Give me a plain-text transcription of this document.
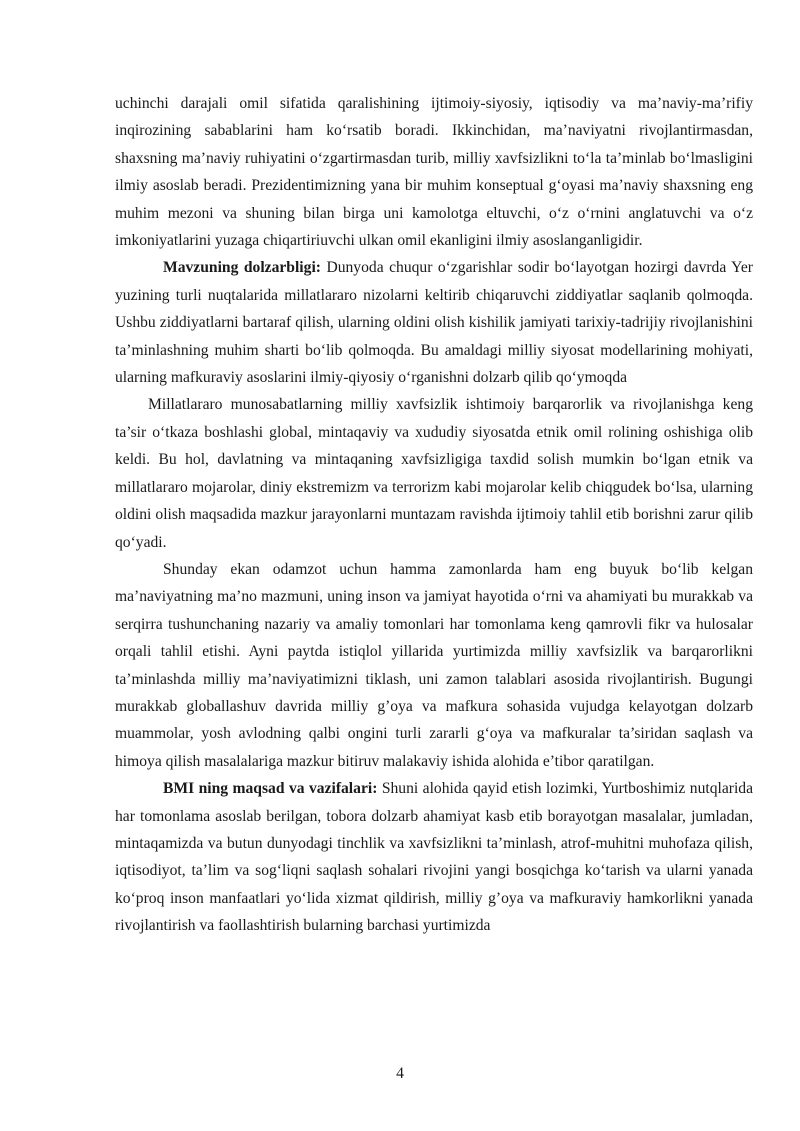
uchinchi darajali omil sifatida qaralishining ijtimoiy-siyosiy, iqtisodiy va ma’naviy-ma’rifiy inqirozining sabablarini ham ko‘rsatib boradi. Ikkinchidan, ma’naviyatni rivojlantirmasdan, shaxsning ma’naviy ruhiyatini o‘zgartirmasdan turib, milliy xavfsizlikni to‘la ta’minlab bo‘lmasligini ilmiy asoslab beradi. Prezidentimizning yana bir muhim konseptual g‘oyasi ma’naviy shaxsning eng muhim mezoni va shuning bilan birga uni kamolotga eltuvchi, o‘z o‘rnini anglatuvchi va o‘z imkoniyatlarini yuzaga chiqartiriuvchi ulkan omil ekanligini ilmiy asoslanganligidir.

Mavzuning dolzarbligi: Dunyoda chuqur o‘zgarishlar sodir bo‘layotgan hozirgi davrda Yer yuzining turli nuqtalarida millatlararo nizolarni keltirib chiqaruvchi ziddiyatlar saqlanib qolmoqda. Ushbu ziddiyatlarni bartaraf qilish, ularning oldini olish kishilik jamiyati tarixiy-tadrijiy rivojlanishini ta’minlashning muhim sharti bo‘lib qolmoqda. Bu amaldagi milliy siyosat modellarining mohiyati, ularning mafkuraviy asoslarini ilmiy-qiyosiy o‘rganishni dolzarb qilib qo‘ymoqda

Millatlararo munosabatlarning milliy xavfsizlik ishtimoiy barqarorlik va rivojlanishga keng ta’sir o‘tkaza boshlashi global, mintaqaviy va xududiy siyosatda etnik omil rolining oshishiga olib keldi. Bu hol, davlatning va mintaqaning xavfsizligiga taxdid solish mumkin bo‘lgan etnik va millatlararo mojarolar, diniy ekstremizm va terrorizm kabi mojarolar kelib chiqgudek bo‘lsa, ularning oldini olish maqsadida mazkur jarayonlarni muntazam ravishda ijtimoiy tahlil etib borishni zarur qilib qo‘yadi.

Shunday ekan odamzot uchun hamma zamonlarda ham eng buyuk bo‘lib kelgan ma’naviyatning ma’no mazmuni, uning inson va jamiyat hayotida o‘rni va ahamiyati bu murakkab va serqirra tushunchaning nazariy va amaliy tomonlari har tomonlama keng qamrovli fikr va hulosalar orqali tahlil etishi. Ayni paytda istiqlol yillarida yurtimizda milliy xavfsizlik va barqarorlikni ta’minlashda milliy ma’naviyatimizni tiklash, uni zamon talablari asosida rivojlantirish. Bugungi murakkab globallashuv davrida milliy g’oya va mafkura sohasida vujudga kelayotgan dolzarb muammolar, yosh avlodning qalbi ongini turli zararli g‘oya va mafkuralar ta’siridan saqlash va himoya qilish masalalariga mazkur bitiruv malakaviy ishida alohida e’tibor qaratilgan.

BMI ning maqsad va vazifalari: Shuni alohida qayid etish lozimki, Yurtboshimiz nutqlarida har tomonlama asoslab berilgan, tobora dolzarb ahamiyat kasb etib borayotgan masalalar, jumladan, mintaqamizda va butun dunyodagi tinchlik va xavfsizlikni ta’minlash, atrof-muhitni muhofaza qilish, iqtisodiyot, ta’lim va sog‘liqni saqlash sohalari rivojini yangi bosqichga ko‘tarish va ularni yanada ko‘proq inson manfaatlari yo‘lida xizmat qildirish, milliy g’oya va mafkuraviy hamkorlikni yanada rivojlantirish va faollashtirish bularning barchasi yurtimizda

4
